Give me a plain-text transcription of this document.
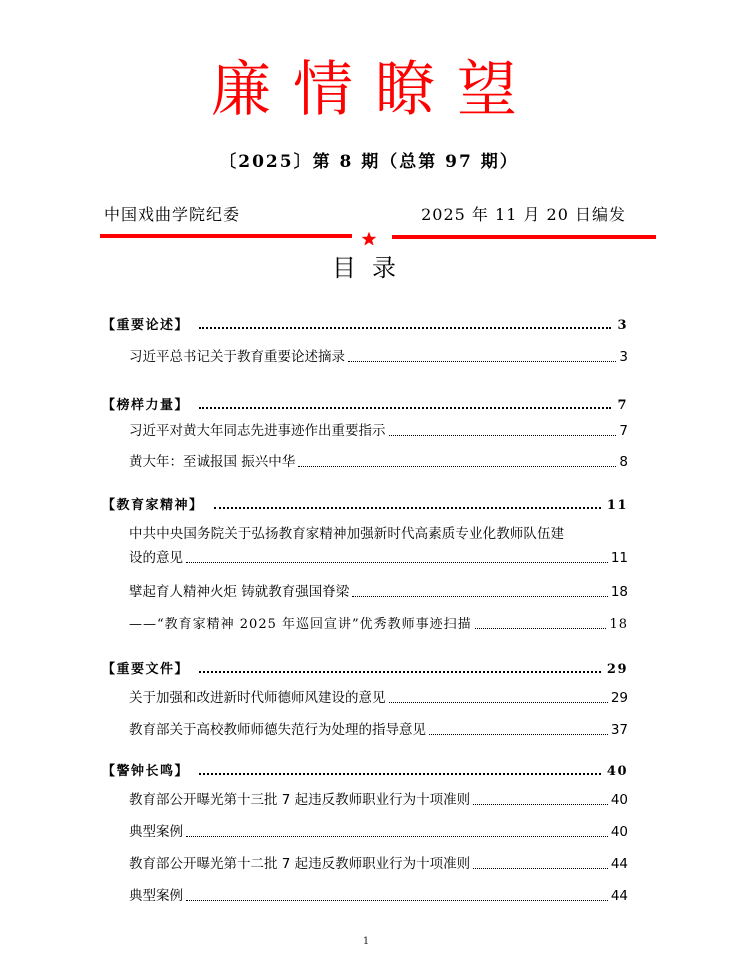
廉情瞭望
〔2025〕第 8 期（总第 97 期）
中国戏曲学院纪委	2025 年 11 月 20 日编发
目录
【重要论述】	3
习近平总书记关于教育重要论述摘录	3
【榜样力量】	7
习近平对黄大年同志先进事迹作出重要指示	7
黄大年：至诚报国 振兴中华	8
【教育家精神】	11
中共中央国务院关于弘扬教育家精神加强新时代高素质专业化教师队伍建
设的意见	11
擘起育人精神火炬 铸就教育强国脊梁	18
——“教育家精神 2025 年巡回宣讲”优秀教师事迹扫描	18
【重要文件】	29
关于加强和改进新时代师德师风建设的意见	29
教育部关于高校教师师德失范行为处理的指导意见	37
【警钟长鸣】	40
教育部公开曝光第十三批 7 起违反教师职业行为十项准则	40
典型案例	40
教育部公开曝光第十二批 7 起违反教师职业行为十项准则	44
典型案例	44
1
